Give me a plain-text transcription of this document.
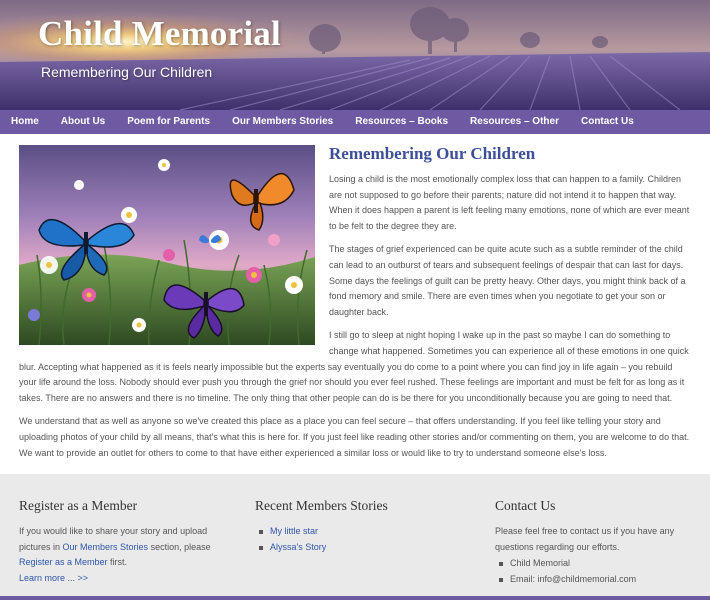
Child Memorial
Remembering Our Children
Home	About Us	Poem for Parents	Our Members Stories	Resources – Books	Resources – Other	Contact Us
Remembering Our Children

Losing a child is the most emotionally complex loss that can happen to a family. Children are not supposed to go before their parents; nature did not intend it to happen that way. When it does happen a parent is left feeling many emotions, none of which are ever meant to be felt to the degree they are.

The stages of grief experienced can be quite acute such as a subtle reminder of the child can lead to an outburst of tears and subsequent feelings of despair that can last for days. Some days the feelings of guilt can be pretty heavy. Other days, you might think back of a fond memory and smile. There are even times when you negotiate to get your son or daughter back.

I still go to sleep at night hoping I wake up in the past so maybe I can do something to change what happened. Sometimes you can experience all of these emotions in one quick blur. Accepting what happened as it is feels nearly impossible but the experts say eventually you do come to a point where you can find joy in life again – you rebuild your life around the loss. Nobody should ever push you through the grief nor should you ever feel rushed. These feelings are important and must be felt for as long as it takes. There are no answers and there is no timeline. The only thing that other people can do is be there for you unconditionally because you are going to need that.

We understand that as well as anyone so we've created this place as a place you can feel secure – that offers understanding. If you feel like telling your story and uploading photos of your child by all means, that's what this is here for. If you just feel like reading other stories and/or commenting on them, you are welcome to do that. We want to provide an outlet for others to come to that have either experienced a similar loss or would like to try to understand someone else's loss.

Register as a Member

If you would like to share your story and upload pictures in Our Members Stories section, please
Register as a Member first.
Learn more ... >>

Recent Members Stories
My little star
Alyssa's Story
Contact Us

Please feel free to contact us if you have any questions regarding our efforts.

Child Memorial
Email: info@childmemorial.com
